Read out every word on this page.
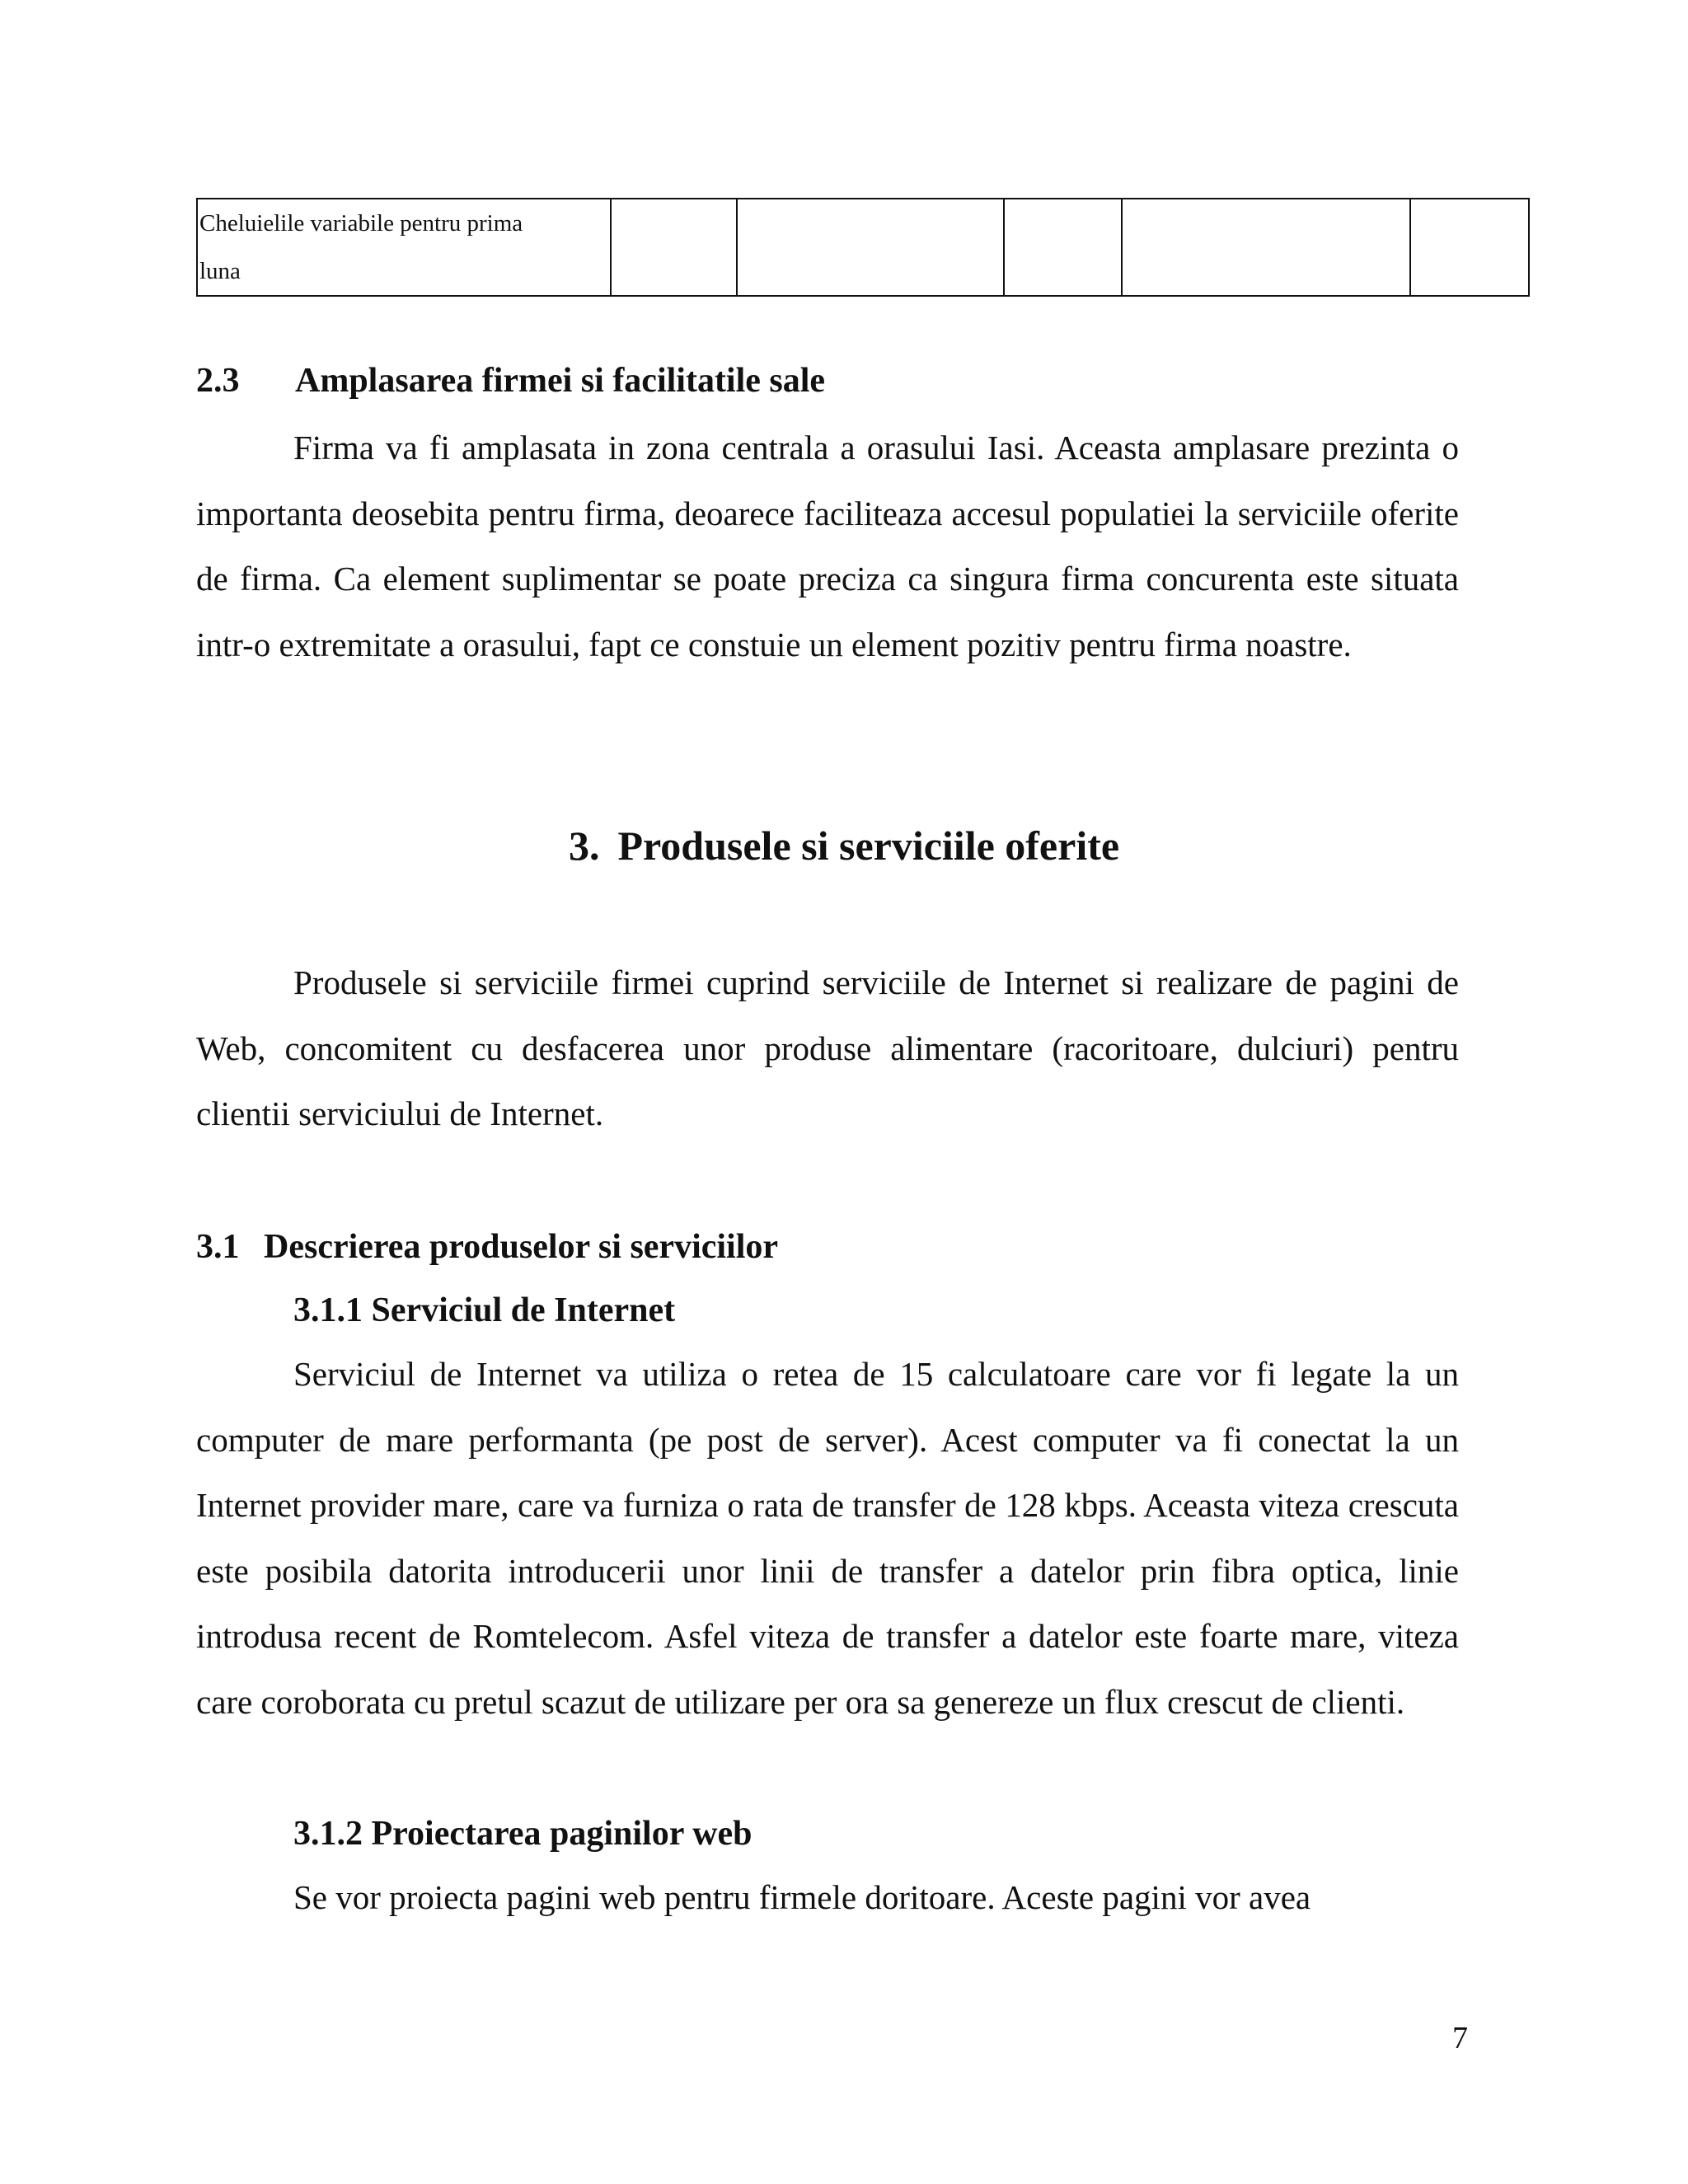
Cheluielile variabile pentru prima
luna

2.3 Amplasarea firmei si facilitatile sale

Firma va fi amplasata in zona centrala a orasului Iasi. Aceasta amplasare prezinta o importanta deosebita pentru firma, deoarece faciliteaza accesul populatiei la serviciile oferite de firma. Ca element suplimentar se poate preciza ca singura firma concurenta este situata intr-o extremitate a orasului, fapt ce constuie un element pozitiv pentru firma noastre.

3. Produsele si serviciile oferite

Produsele si serviciile firmei cuprind serviciile de Internet si realizare de pagini de Web, concomitent cu desfacerea unor produse alimentare (racoritoare, dulciuri) pentru clientii serviciului de Internet.

3.1 Descrierea produselor si serviciilor
3.1.1 Serviciul de Internet

Serviciul de Internet va utiliza o retea de 15 calculatoare care vor fi legate la un computer de mare performanta (pe post de server). Acest computer va fi conectat la un Internet provider mare, care va furniza o rata de transfer de 128 kbps. Aceasta viteza crescuta este posibila datorita introducerii unor linii de transfer a datelor prin fibra optica, linie introdusa recent de Romtelecom. Asfel viteza de transfer a datelor este foarte mare, viteza care coroborata cu pretul scazut de utilizare per ora sa genereze un flux crescut de clienti.

3.1.2 Proiectarea paginilor web

Se vor proiecta pagini web pentru firmele doritoare. Aceste pagini vor avea

7
